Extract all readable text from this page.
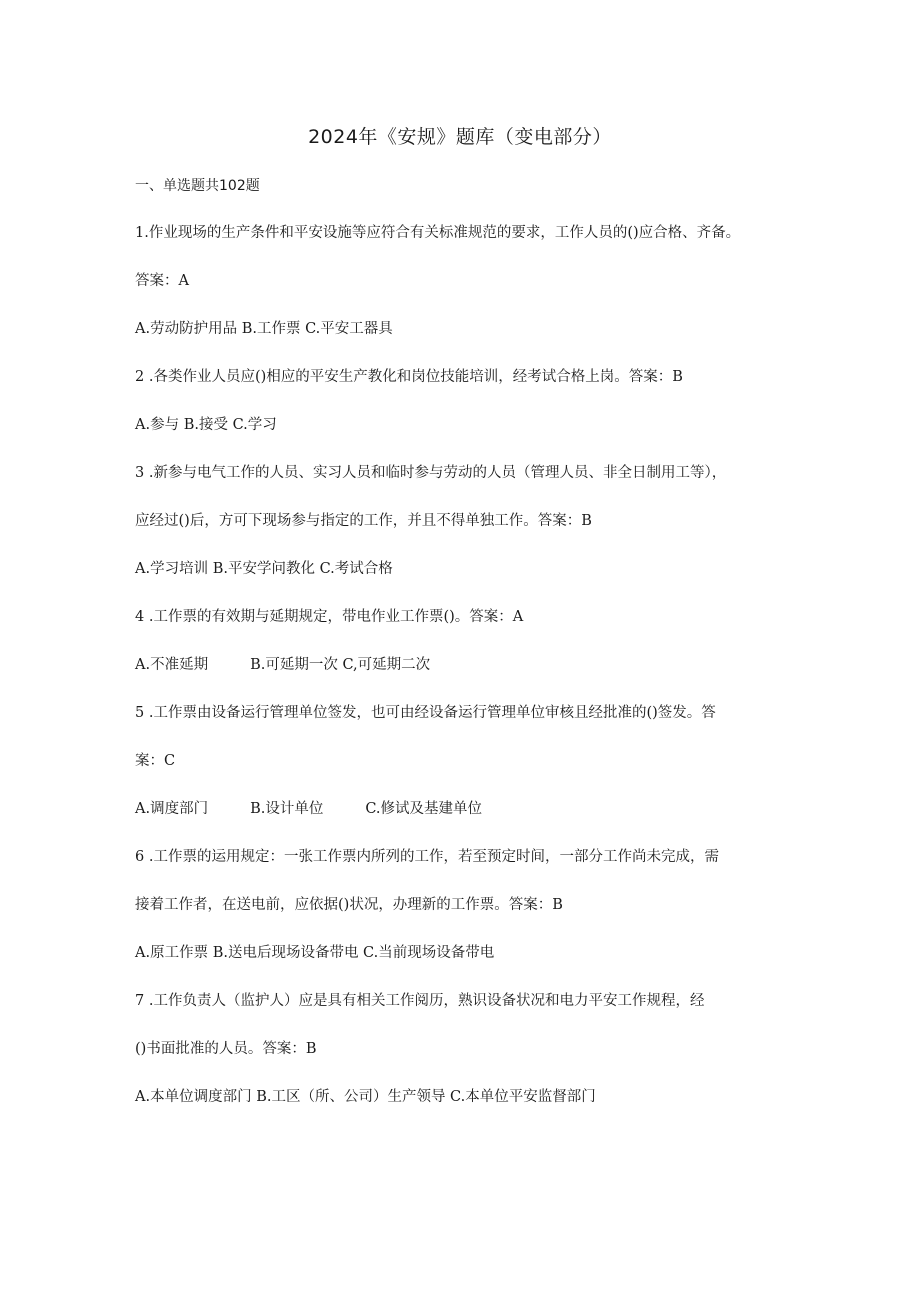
2024年《安规》题库（变电部分）
一、单选题共102题
1.作业现场的生产条件和平安设施等应符合有关标准规范的要求，工作人员的()应合格、齐备。
答案：A
A.劳动防护用品 B.工作票 C.平安工器具
2 .各类作业人员应()相应的平安生产教化和岗位技能培训，经考试合格上岗。答案：B
A.参与 B.接受 C.学习
3 .新参与电气工作的人员、实习人员和临时参与劳动的人员（管理人员、非全日制用工等），
应经过()后，方可下现场参与指定的工作，并且不得单独工作。答案：B
A.学习培训 B.平安学问教化 C.考试合格
4 .工作票的有效期与延期规定，带电作业工作票()。答案：A
A.不准延期	B.可延期一次 C,可延期二次
5 .工作票由设备运行管理单位签发，也可由经设备运行管理单位审核且经批准的()签发。答
案：C
A.调度部门	B.设计单位	C.修试及基建单位
6 .工作票的运用规定：一张工作票内所列的工作，若至预定时间，一部分工作尚未完成，需
接着工作者，在送电前，应依据()状况，办理新的工作票。答案：B
A.原工作票 B.送电后现场设备带电 C.当前现场设备带电
7 .工作负责人（监护人）应是具有相关工作阅历，熟识设备状况和电力平安工作规程，经
()书面批准的人员。答案：B
A.本单位调度部门 B.工区（所、公司）生产领导 C.本单位平安监督部门
